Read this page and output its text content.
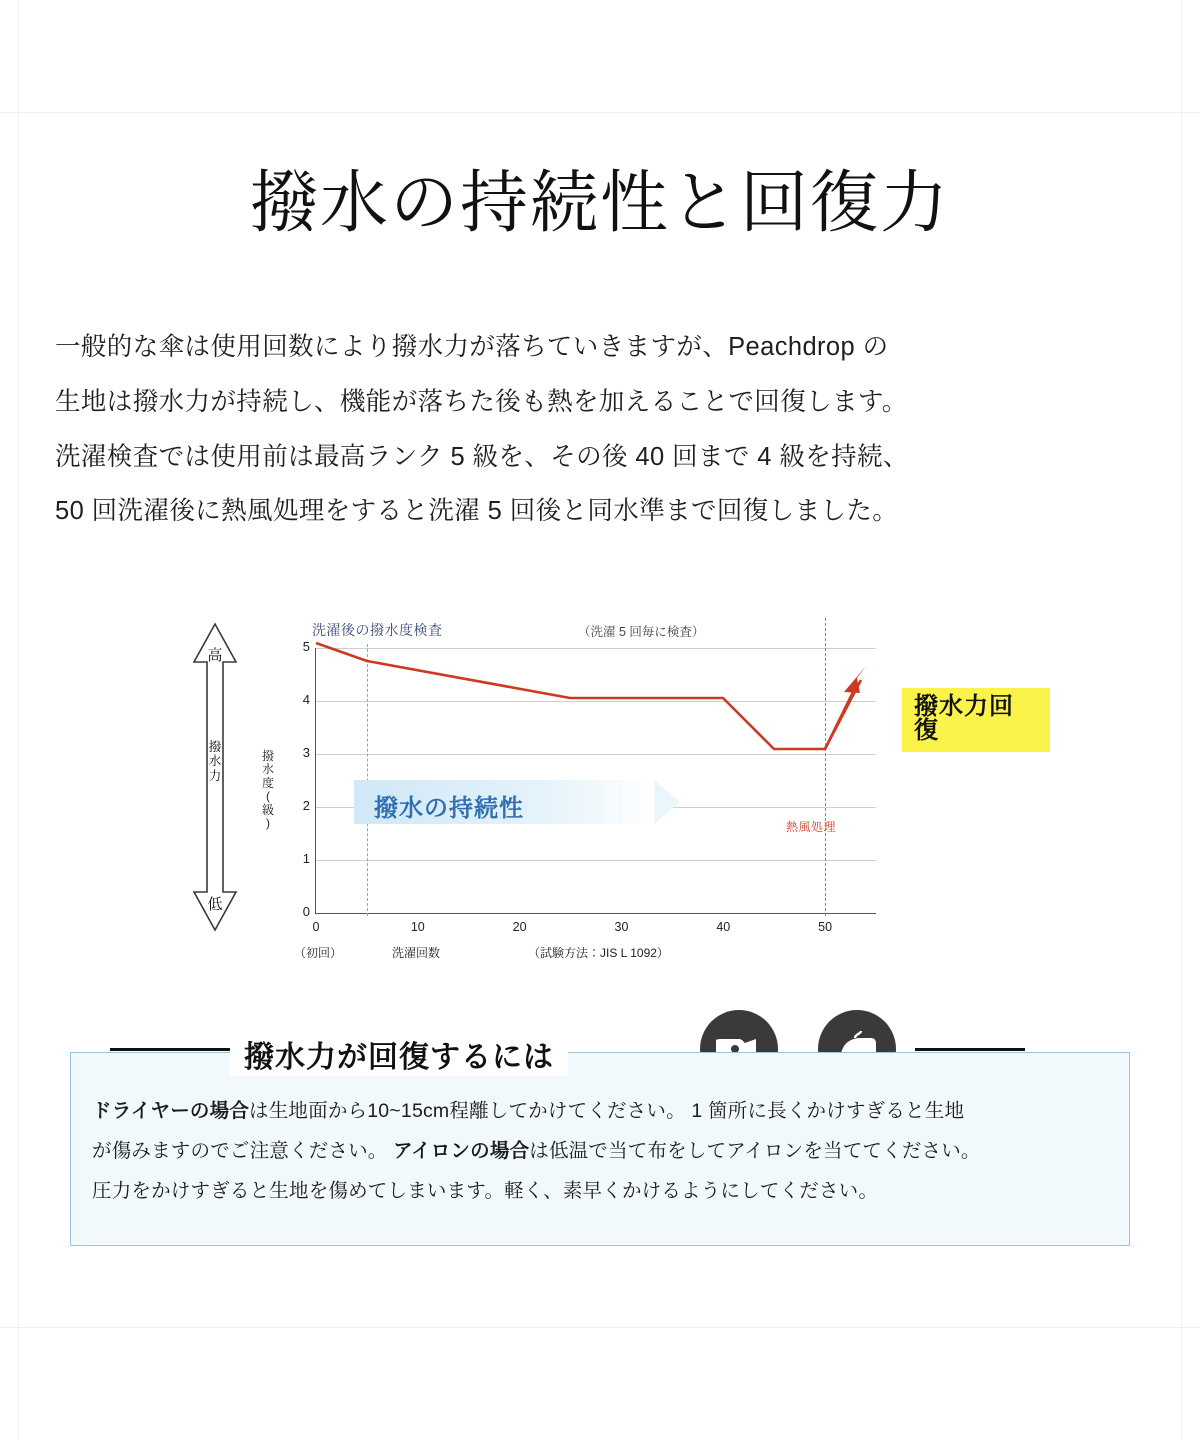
撥水の持続性と回復力
一般的な傘は使用回数により撥水力が落ちていきますが、Peachdrop の
生地は撥水力が持続し、機能が落ちた後も熱を加えることで回復します。
洗濯検査では使用前は最高ランク 5 級を、その後 40 回まで 4 級を持続、
50 回洗濯後に熱風処理をすると洗濯 5 回後と同水準まで回復しました。
洗濯後の撥水度検査	（洗濯 5 回毎に検査）
高
撥
水
力
低
撥
水
度
(
級
)
5
4
3
2
1
0
0	10	20	30	40	50
（初回）	洗濯回数	（試験方法：JIS L 1092）
撥水の持続性
熱風処理
撥水力回復
撥水力が回復するには
ドライヤーの場合は生地面から10~15cm程離してかけてください。 1 箇所に長くかけすぎると生地
が傷みますのでご注意ください。 アイロンの場合は低温で当て布をしてアイロンを当ててください。
圧力をかけすぎると生地を傷めてしまいます。軽く、素早くかけるようにしてください。
